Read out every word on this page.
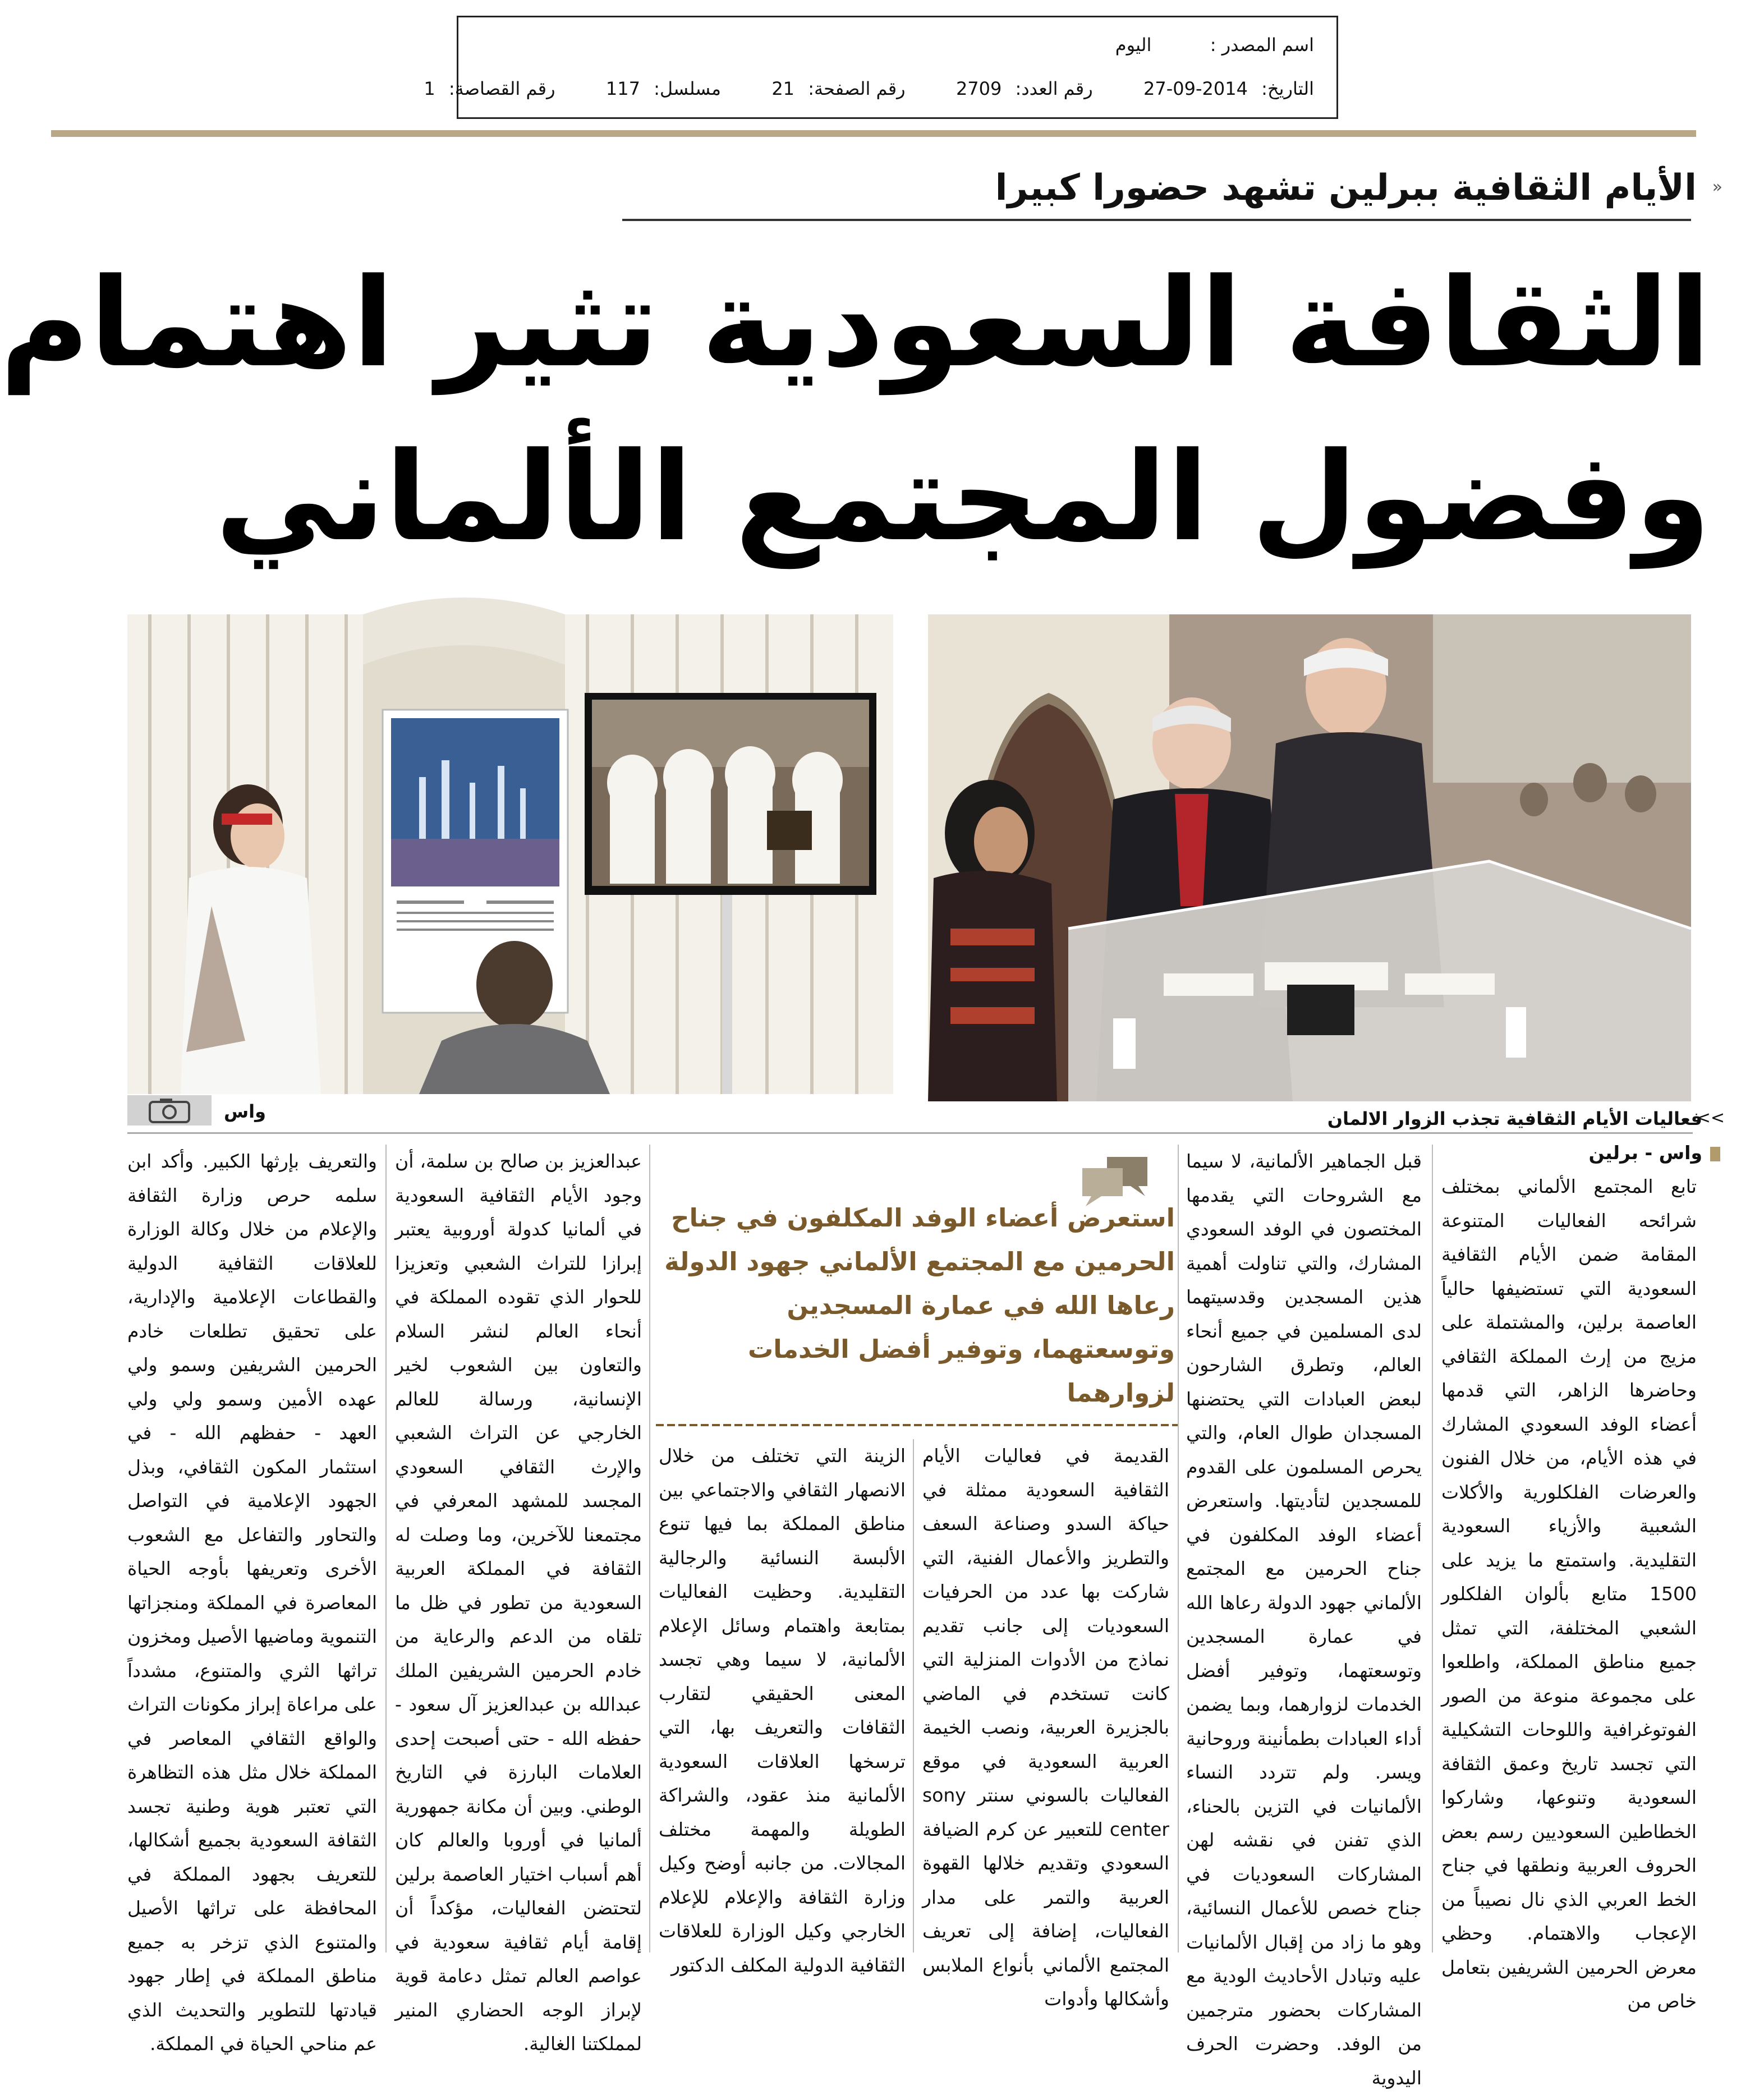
اسم المصدر :  اليوم
التاريخ: 2014-09-27  رقم العدد: 2709  رقم الصفحة: 21  مسلسل: 117  رقم القصاصة: 1
«
الأيام الثقافية ببرلين تشهد حضورا كبيرا
الثقافة السعودية تثير اهتمام
وفضول المجتمع الألماني
واس	>>
فعاليات الأيام الثقافية تجذب الزوار الالمان
واس - برلين

تابع المجتمع الألماني بمختلف شرائحه الفعاليات المتنوعة المقامة ضمن الأيام الثقافية السعودية التي تستضيفها حالياً العاصمة برلين، والمشتملة على مزيج من إرث المملكة الثقافي وحاضرها الزاهر، التي قدمها أعضاء الوفد السعودي المشارك في هذه الأيام، من خلال الفنون والعرضات الفلكلورية والأكلات الشعبية والأزياء السعودية التقليدية. واستمتع ما يزيد على 1500 متابع بألوان الفلكلور الشعبي المختلفة، التي تمثل جميع مناطق المملكة، واطلعوا على مجموعة منوعة من الصور الفوتوغرافية واللوحات التشكيلية التي تجسد تاريخ وعمق الثقافة السعودية وتنوعها، وشاركوا الخطاطين السعوديين رسم بعض الحروف العربية ونطقها في جناح الخط العربي الذي نال نصيباً من الإعجاب والاهتمام. وحظي معرض الحرمين الشريفين بتعامل خاص من

قبل الجماهير الألمانية، لا سيما مع الشروحات التي يقدمها المختصون في الوفد السعودي المشارك، والتي تناولت أهمية هذين المسجدين وقدسيتهما لدى المسلمين في جميع أنحاء العالم، وتطرق الشارحون لبعض العبادات التي يحتضنها المسجدان طوال العام، والتي يحرص المسلمون على القدوم للمسجدين لتأديتها. واستعرض أعضاء الوفد المكلفون في جناح الحرمين مع المجتمع الألماني جهود الدولة رعاها الله في عمارة المسجدين وتوسعتهما، وتوفير أفضل الخدمات لزوارهما، وبما يضمن أداء العبادات بطمأنينة وروحانية ويسر. ولم تتردد النساء الألمانيات في التزين بالحناء، الذي تفنن في نقشه لهن المشاركات السعوديات في جناح خصص للأعمال النسائية، وهو ما زاد من إقبال الألمانيات عليه وتبادل الأحاديث الودية مع المشاركات بحضور مترجمين من الوفد. وحضرت الحرف اليدوية

استعرض أعضاء الوفد المكلفون في جناح الحرمين مع المجتمع الألماني جهود الدولة رعاها الله في عمارة المسجدين وتوسعتهما، وتوفير أفضل الخدمات لزوارهما

القديمة في فعاليات الأيام الثقافية السعودية ممثلة في حياكة السدو وصناعة السعف والتطريز والأعمال الفنية، التي شاركت بها عدد من الحرفيات السعوديات إلى جانب تقديم نماذج من الأدوات المنزلية التي كانت تستخدم في الماضي بالجزيرة العربية، ونصب الخيمة العربية السعودية في موقع الفعاليات بالسوني سنتر sony center للتعبير عن كرم الضيافة السعودي وتقديم خلالها القهوة العربية والتمر على مدار الفعاليات، إضافة إلى تعريف المجتمع الألماني بأنواع الملابس وأشكالها وأدوات

الزينة التي تختلف من خلال الانصهار الثقافي والاجتماعي بين مناطق المملكة بما فيها تنوع الألبسة النسائية والرجالية التقليدية. وحظيت الفعاليات بمتابعة واهتمام وسائل الإعلام الألمانية، لا سيما وهي تجسد المعنى الحقيقي لتقارب الثقافات والتعريف بها، التي ترسخها العلاقات السعودية الألمانية منذ عقود، والشراكة الطويلة والمهمة مختلف المجالات. من جانبه أوضح وكيل وزارة الثقافة والإعلام للإعلام الخارجي وكيل الوزارة للعلاقات الثقافية الدولية المكلف الدكتور

عبدالعزيز بن صالح بن سلمة، أن وجود الأيام الثقافية السعودية في ألمانيا كدولة أوروبية يعتبر إبرازا للتراث الشعبي وتعزيزا للحوار الذي تقوده المملكة في أنحاء العالم لنشر السلام والتعاون بين الشعوب لخير الإنسانية، ورسالة للعالم الخارجي عن التراث الشعبي والإرث الثقافي السعودي المجسد للمشهد المعرفي في مجتمعنا للآخرين، وما وصلت له الثقافة في المملكة العربية السعودية من تطور في ظل ما تلقاه من الدعم والرعاية من خادم الحرمين الشريفين الملك عبدالله بن عبدالعزيز آل سعود - حفظه الله - حتى أصبحت إحدى العلامات البارزة في التاريخ الوطني. وبين أن مكانة جمهورية ألمانيا في أوروبا والعالم كان أهم أسباب اختيار العاصمة برلين لتحتضن الفعاليات، مؤكداً أن إقامة أيام ثقافية سعودية في عواصم العالم تمثل دعامة قوية لإبراز الوجه الحضاري المنير لمملكتنا الغالية.

والتعريف بإرثها الكبير. وأكد ابن سلمه حرص وزارة الثقافة والإعلام من خلال وكالة الوزارة للعلاقات الثقافية الدولية والقطاعات الإعلامية والإدارية، على تحقيق تطلعات خادم الحرمين الشريفين وسمو ولي عهده الأمين وسمو ولي ولي العهد - حفظهم الله - في استثمار المكون الثقافي، وبذل الجهود الإعلامية في التواصل والتحاور والتفاعل مع الشعوب الأخرى وتعريفها بأوجه الحياة المعاصرة في المملكة ومنجزاتها التنموية وماضيها الأصيل ومخزون تراثها الثري والمتنوع، مشدداً على مراعاة إبراز مكونات التراث والواقع الثقافي المعاصر في المملكة خلال مثل هذه التظاهرة التي تعتبر هوية وطنية تجسد الثقافة السعودية بجميع أشكالها، للتعريف بجهود المملكة في المحافظة على تراثها الأصيل والمتنوع الذي تزخر به جميع مناطق المملكة في إطار جهود قيادتها للتطوير والتحديث الذي عم مناحي الحياة في المملكة.
